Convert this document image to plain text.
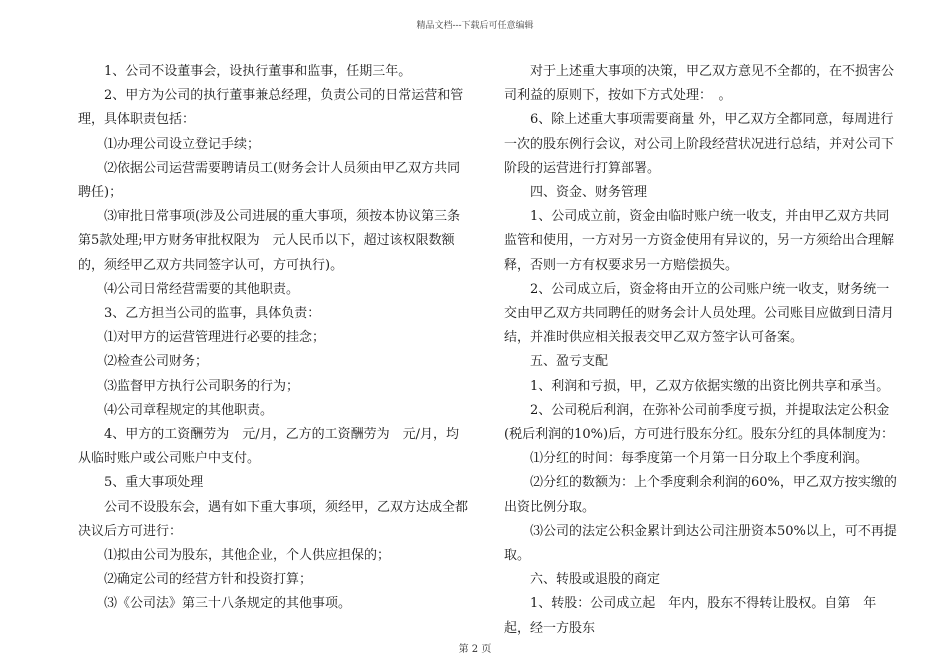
精品文档---下载后可任意编辑

1、公司不设董事会，设执行董事和监事，任期三年。

2、甲方为公司的执行董事兼总经理，负责公司的日常运营和管理，具体职责包括：

⑴办理公司设立登记手续；

⑵依据公司运营需要聘请员工(财务会计人员须由甲乙双方共同聘任)；

⑶审批日常事项(涉及公司进展的重大事项，须按本协议第三条第5款处理;甲方财务审批权限为　元人民币以下，超过该权限数额的，须经甲乙双方共同签字认可，方可执行)。

⑷公司日常经营需要的其他职责。

3、乙方担当公司的监事，具体负责：

⑴对甲方的运营管理进行必要的挂念；

⑵检查公司财务；

⑶监督甲方执行公司职务的行为；

⑷公司章程规定的其他职责。

4、甲方的工资酬劳为　元/月，乙方的工资酬劳为　元/月，均从临时账户或公司账户中支付。

5、重大事项处理

公司不设股东会，遇有如下重大事项，须经甲，乙双方达成全都决议后方可进行：

⑴拟由公司为股东，其他企业，个人供应担保的；

⑵确定公司的经营方针和投资打算；

⑶《公司法》第三十八条规定的其他事项。

对于上述重大事项的决策，甲乙双方意见不全都的，在不损害公司利益的原则下，按如下方式处理：　。

6、除上述重大事项需要商量 外，甲乙双方全都同意，每周进行一次的股东例行会议，对公司上阶段经营状况进行总结，并对公司下阶段的运营进行打算部署。

四、资金、财务管理

1、公司成立前，资金由临时账户统一收支，并由甲乙双方共同监管和使用，一方对另一方资金使用有异议的，另一方须给出合理解释，否则一方有权要求另一方赔偿损失。

2、公司成立后，资金将由开立的公司账户统一收支，财务统一交由甲乙双方共同聘任的财务会计人员处理。公司账目应做到日清月结，并准时供应相关报表交甲乙双方签字认可备案。

五、盈亏支配

1、利润和亏损，甲，乙双方依据实缴的出资比例共享和承当。

2、公司税后利润，在弥补公司前季度亏损，并提取法定公积金(税后利润的10%)后，方可进行股东分红。股东分红的具体制度为：

⑴分红的时间：每季度第一个月第一日分取上个季度利润。

⑵分红的数额为：上个季度剩余利润的60%，甲乙双方按实缴的出资比例分取。

⑶公司的法定公积金累计到达公司注册资本50%以上，可不再提取。

六、转股或退股的商定

1、转股：公司成立起　年内，股东不得转让股权。自第　年起，经一方股东

第 2 页
